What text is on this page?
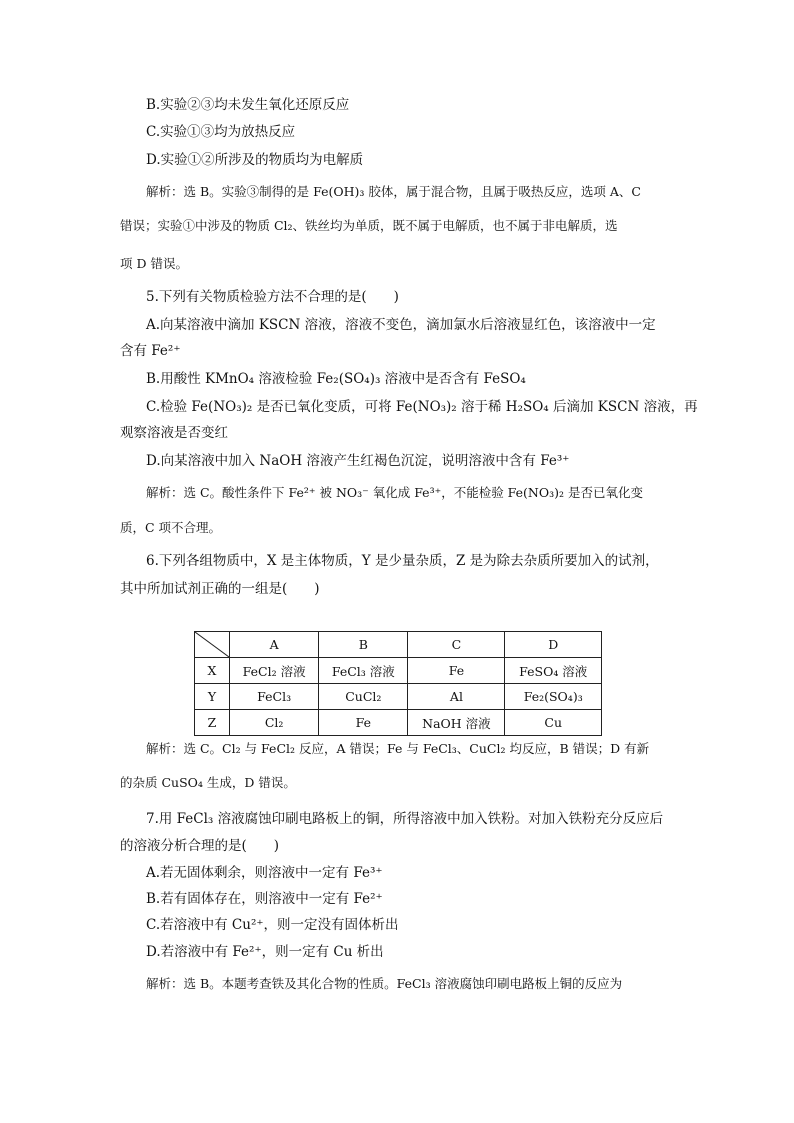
B.实验②③均未发生氧化还原反应
C.实验①③均为放热反应
D.实验①②所涉及的物质均为电解质
解析：选 B。实验③制得的是 Fe(OH)₃ 胶体，属于混合物，且属于吸热反应，选项 A、C
错误；实验①中涉及的物质 Cl₂、铁丝均为单质，既不属于电解质，也不属于非电解质，选
项 D 错误。
5.下列有关物质检验方法不合理的是(　　)
A.向某溶液中滴加 KSCN 溶液，溶液不变色，滴加氯水后溶液显红色，该溶液中一定
含有 Fe²⁺
B.用酸性 KMnO₄ 溶液检验 Fe₂(SO₄)₃ 溶液中是否含有 FeSO₄
C.检验 Fe(NO₃)₂ 是否已氧化变质，可将 Fe(NO₃)₂ 溶于稀 H₂SO₄ 后滴加 KSCN 溶液，再
观察溶液是否变红
D.向某溶液中加入 NaOH 溶液产生红褐色沉淀，说明溶液中含有 Fe³⁺
解析：选 C。酸性条件下 Fe²⁺ 被 NO₃⁻ 氧化成 Fe³⁺，不能检验 Fe(NO₃)₂ 是否已氧化变
质，C 项不合理。
6.下列各组物质中，X 是主体物质，Y 是少量杂质，Z 是为除去杂质所要加入的试剂，
其中所加试剂正确的一组是(　　)
	A	B	C	D
X	FeCl₂ 溶液	FeCl₃ 溶液	Fe	FeSO₄ 溶液
Y	FeCl₃	CuCl₂	Al	Fe₂(SO₄)₃
Z	Cl₂	Fe	NaOH 溶液	Cu
解析：选 C。Cl₂ 与 FeCl₂ 反应，A 错误；Fe 与 FeCl₃、CuCl₂ 均反应，B 错误；D 有新
的杂质 CuSO₄ 生成，D 错误。
7.用 FeCl₃ 溶液腐蚀印刷电路板上的铜，所得溶液中加入铁粉。对加入铁粉充分反应后
的溶液分析合理的是(　　)
A.若无固体剩余，则溶液中一定有 Fe³⁺
B.若有固体存在，则溶液中一定有 Fe²⁺
C.若溶液中有 Cu²⁺，则一定没有固体析出
D.若溶液中有 Fe²⁺，则一定有 Cu 析出
解析：选 B。本题考查铁及其化合物的性质。FeCl₃ 溶液腐蚀印刷电路板上铜的反应为
